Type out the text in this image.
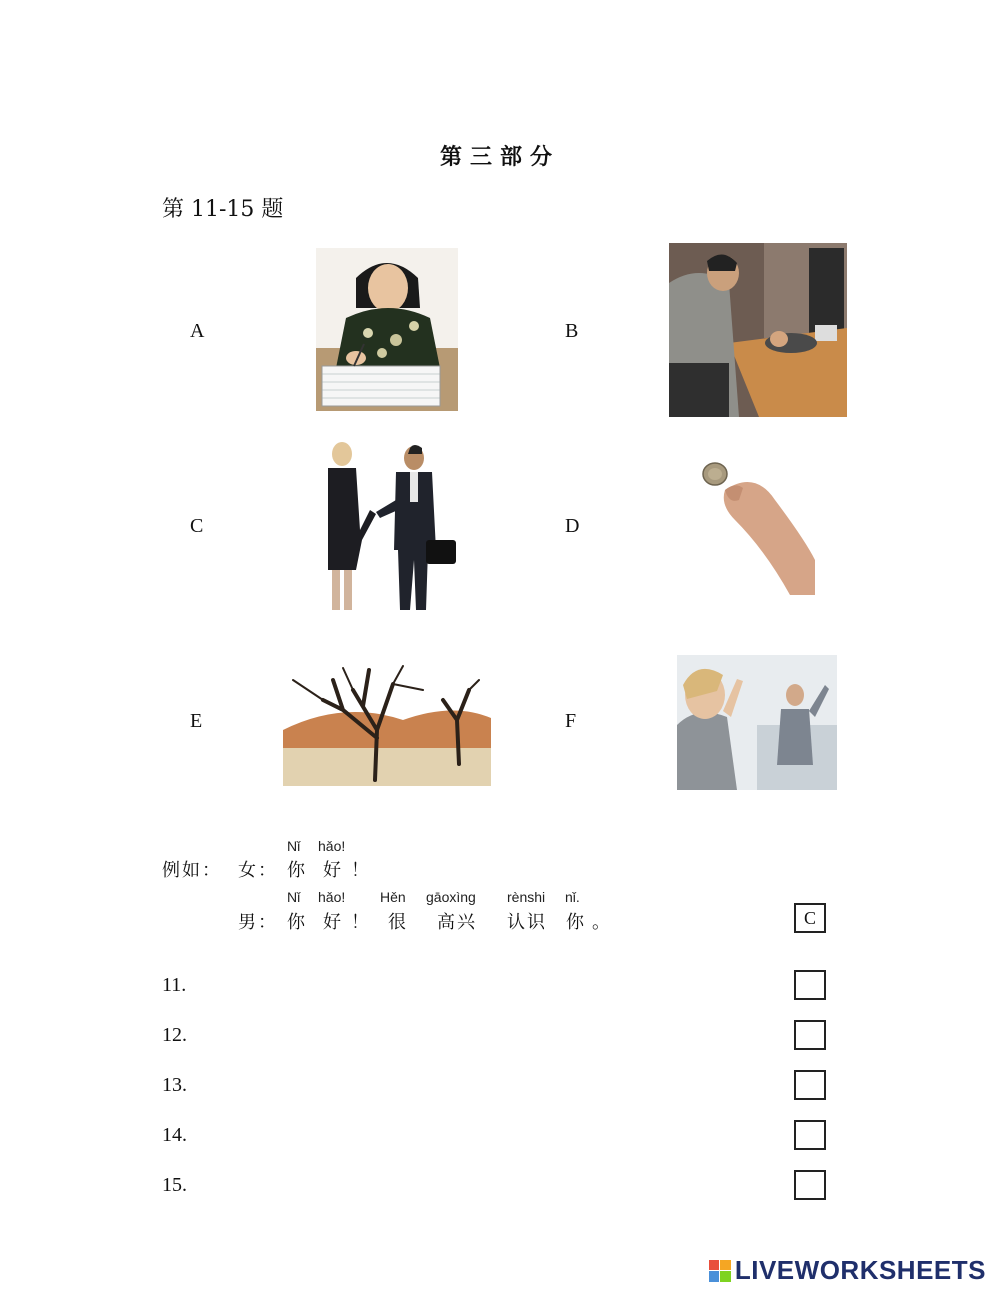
第三部分
第 11-15 题
A	B
C	D
E	F
例如： 女：
Nǐ hǎo!
你 好 ！
男：
Nǐ hǎo! Hěn gāoxìng rènshi nǐ.
你 好 ！ 很 高兴 认识 你 。	C
11.
12.
13.
14.
15.
LIVEWORKSHEETS
